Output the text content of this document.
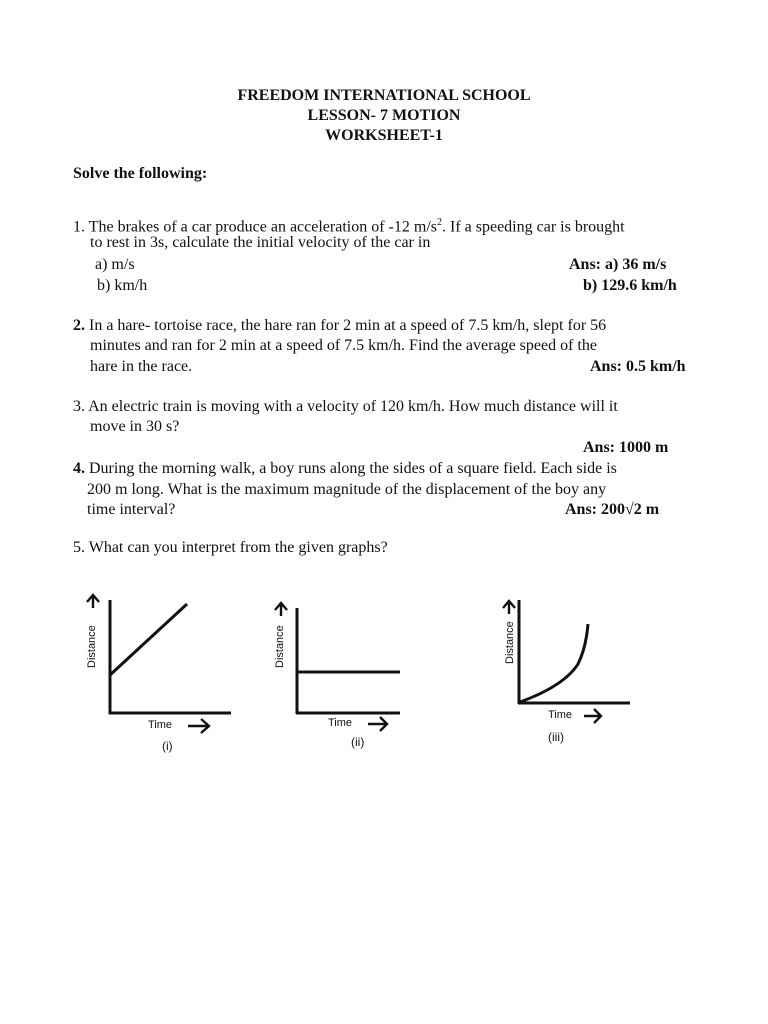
FREEDOM INTERNATIONAL SCHOOL
LESSON- 7 MOTION
WORKSHEET-1
Solve the following:
1. The brakes of a car produce an acceleration of -12 $m/s^2$. If a speeding car is brought
to rest in 3s, calculate the initial velocity of the car in
a) m/s	Ans: a) 36 m/s
b) km/h	b) 129.6 km/h
2. In a hare- tortoise race, the hare ran for 2 min at a speed of 7.5 km/h, slept for 56
minutes and ran for 2 min at a speed of 7.5 km/h. Find the average speed of the
hare in the race.	Ans: 0.5 km/h
3. An electric train is moving with a velocity of 120 km/h. How much distance will it
move in 30 s?
Ans: 1000 m
4. During the morning walk, a boy runs along the sides of a square field. Each side is
200 m long. What is the maximum magnitude of the displacement of the boy any
time interval?	Ans: 200√2 m
5. What can you interpret from the given graphs?
Distance
Time
(i)
Distance
Time
(ii)
Distance
Time
(iii)
